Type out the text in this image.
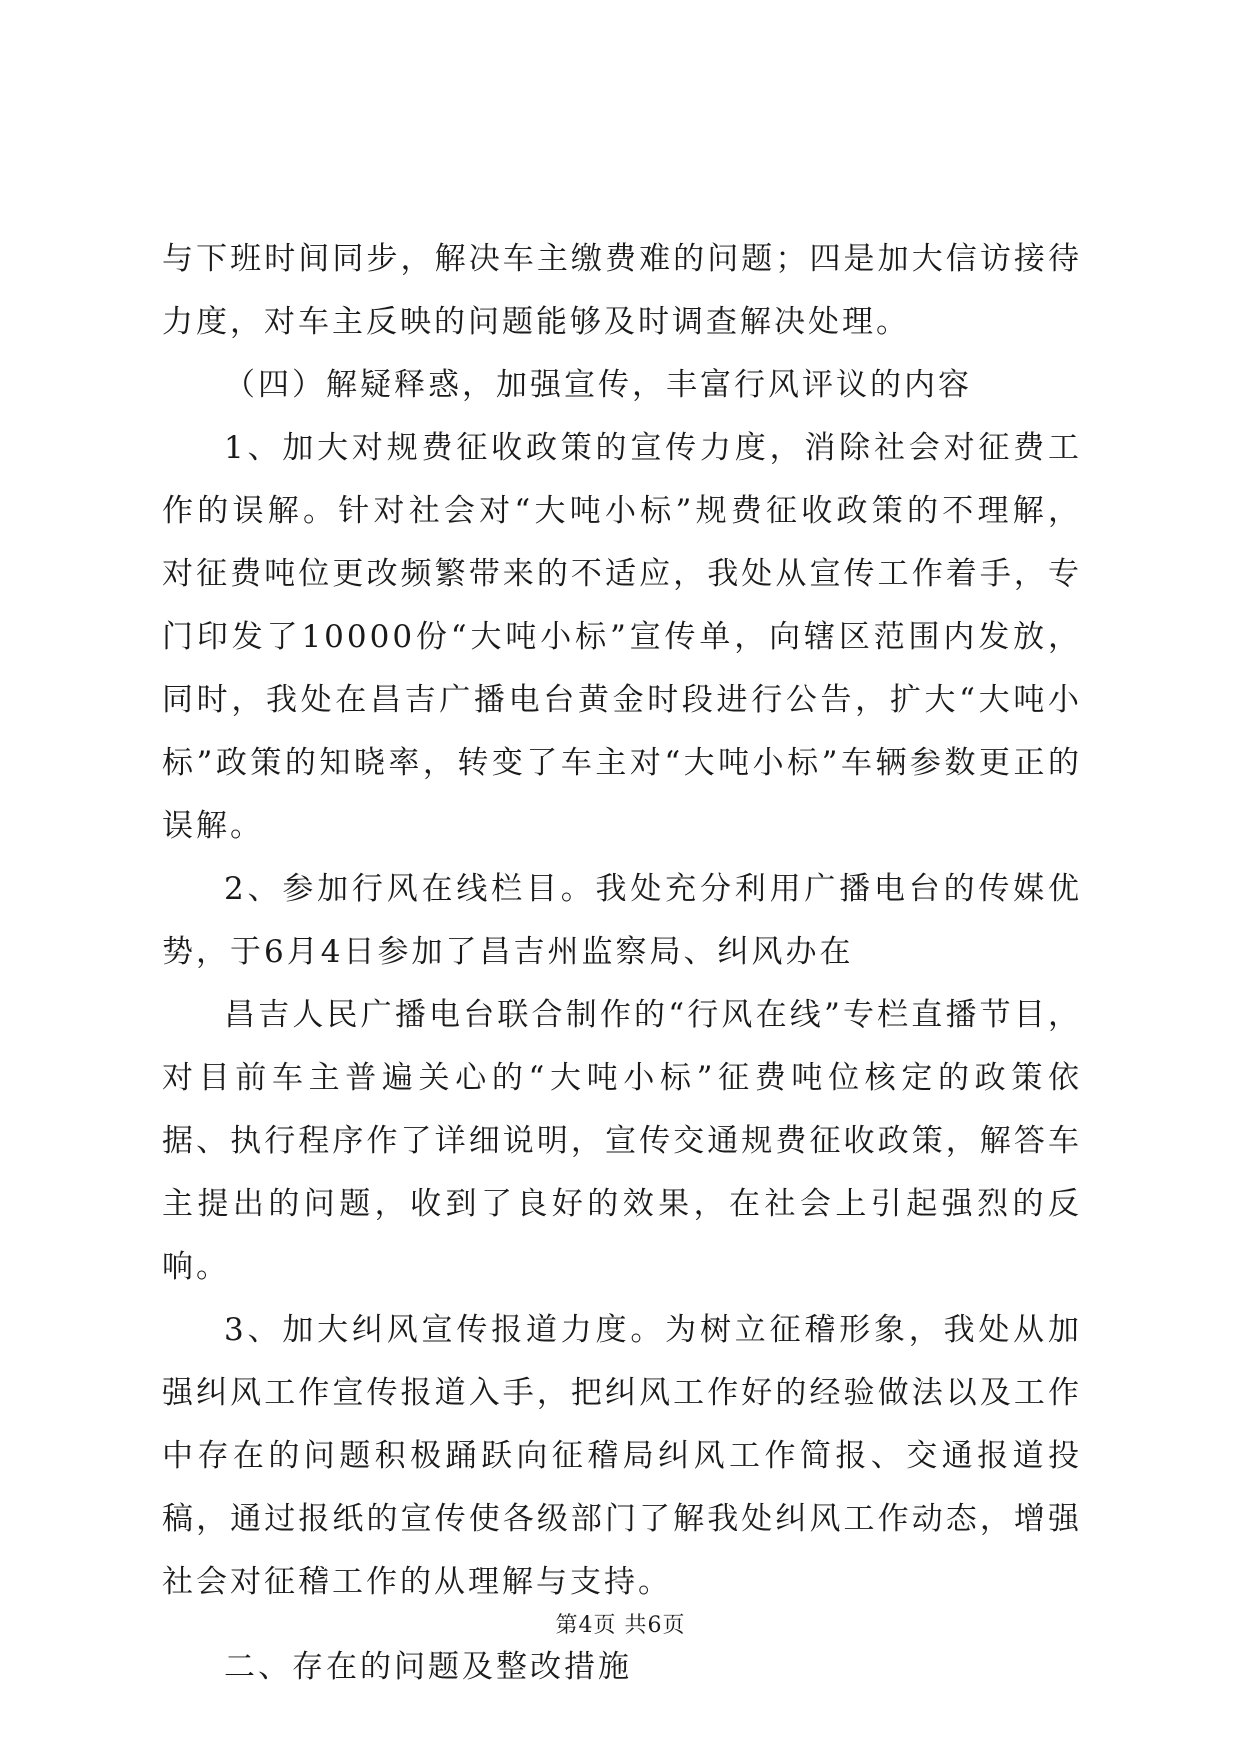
与下班时间同步，解决车主缴费难的问题；四是加大信访接待力度，对车主反映的问题能够及时调查解决处理。

（四）解疑释惑，加强宣传，丰富行风评议的内容

1、加大对规费征收政策的宣传力度，消除社会对征费工作的误解。针对社会对“大吨小标”规费征收政策的不理解，对征费吨位更改频繁带来的不适应，我处从宣传工作着手，专门印发了10000份“大吨小标”宣传单，向辖区范围内发放，同时，我处在昌吉广播电台黄金时段进行公告，扩大“大吨小标”政策的知晓率，转变了车主对“大吨小标”车辆参数更正的误解。

2、参加行风在线栏目。我处充分利用广播电台的传媒优势，于6月4日参加了昌吉州监察局、纠风办在

昌吉人民广播电台联合制作的“行风在线”专栏直播节目，对目前车主普遍关心的“大吨小标”征费吨位核定的政策依据、执行程序作了详细说明，宣传交通规费征收政策，解答车主提出的问题，收到了良好的效果，在社会上引起强烈的反响。

3、加大纠风宣传报道力度。为树立征稽形象，我处从加强纠风工作宣传报道入手，把纠风工作好的经验做法以及工作中存在的问题积极踊跃向征稽局纠风工作简报、交通报道投稿，通过报纸的宣传使各级部门了解我处纠风工作动态，增强社会对征稽工作的从理解与支持。

二、存在的问题及整改措施

第4页 共6页
